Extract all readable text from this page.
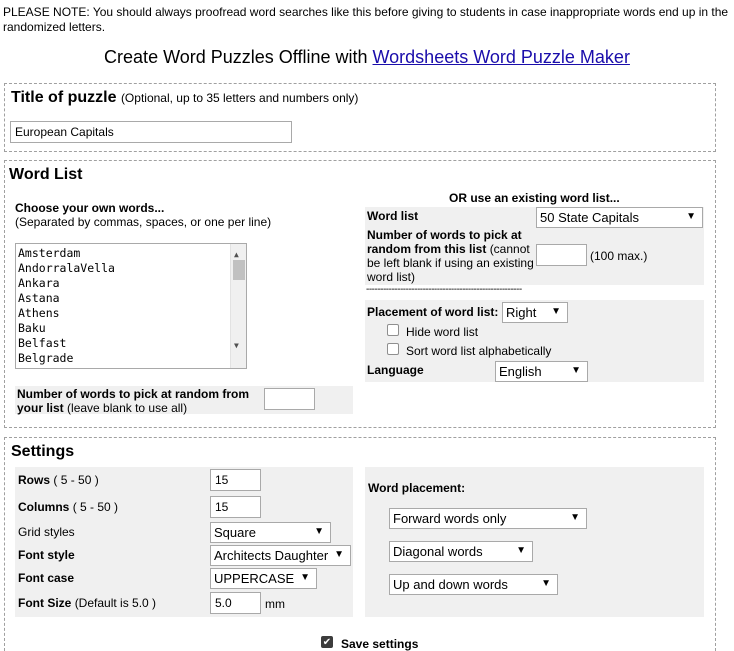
PLEASE NOTE: You should always proofread word searches like this before giving to students in case inappropriate words end up in the randomized letters.
Create Word Puzzles Offline with Wordsheets Word Puzzle Maker
Title of puzzle (Optional, up to 35 letters and numbers only)
European Capitals
Word List
Choose your own words...
(Separated by commas, spaces, or one per line)
Amsterdam
AndorralaVella
Ankara
Astana
Athens
Baku
Belfast
Belgrade
▲
▼
Number of words to pick at random from your list (leave blank to use all)
OR use an existing word list...
Word list	50 State Capitals	▼
Number of words to pick at random from this list (cannot be left blank if using an existing word list)
(100 max.)
-------------------------------------------------------
Placement of word list: Right ▼
Hide word list
Sort word list alphabetically
Language	English	▼
Settings
Rows ( 5 - 50 )	15
Columns ( 5 - 50 )	15
Grid styles	Square	▼
Font style	Architects Daughter ▼
Font case	UPPERCASE ▼
Font Size (Default is 5.0 )	5.0	mm
Word placement:
Forward words only	▼
Diagonal words	▼
Up and down words	▼
✔ Save settings
